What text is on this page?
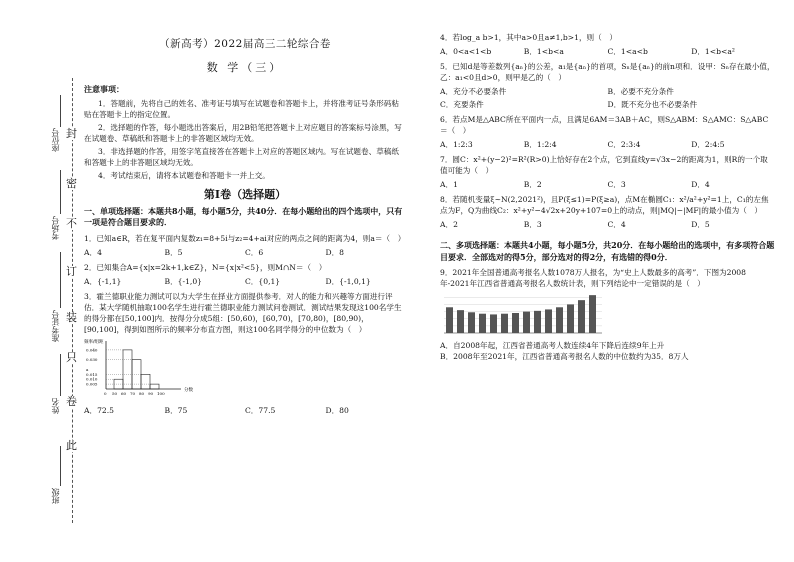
封
密
不
订
装
只
卷
此
座位号
考场号
准考证号
姓名
班级
（新高考）2022届高三二轮综合卷
数 学（三）
注意事项：

1．答题前，先将自己的姓名、准考证号填写在试题卷和答题卡上，并将准考证号条形码粘贴在答题卡上的指定位置。

2．选择题的作答，每小题选出答案后，用2B铅笔把答题卡上对应题目的答案标号涂黑，写在试题卷、草稿纸和答题卡上的非答题区域均无效。

3．非选择题的作答，用签字笔直接答在答题卡上对应的答题区域内。写在试题卷、草稿纸和答题卡上的非答题区域均无效。

4．考试结束后，请将本试题卷和答题卡一并上交。

第Ⅰ卷（选择题）
一、单项选择题：本题共8小题，每小题5分，共40分．在每小题给出的四个选项中，只有一项是符合题目要求的．
1．已知a∈R，若在复平面内复数z₁=8+5i与z₂=4+ai对应的两点之间的距离为4，则a＝（　）
A．4	B．5	C．6	D．8
2．已知集合A={x|x=2k+1,k∈Z}，N={x|x²<5}，则M∩N＝（　）
A．{-1,1}	B．{-1,0}	C．{0,1}	D．{-1,0,1}
3．霍兰德职业能力测试可以为大学生在择业方面提供参考．对人的能力和兴趣等方面进行评估．某大学随机抽取100名学生进行霍兰德职业能力测试问卷测试．测试结果发现这100名学生的得分都在[50,100]内．按得分分成5组：[50,60)，[60,70)，[70,80)，[80,90)，[90,100]，得到如图所示的频率分布直方图，则这100名同学得分的中位数为（　）
频率/组距
分数
0.040
0.030
0.015
0.010
0.005
a
0 50 60 70 80 90 100
A．72.5	B．75	C．77.5	D．80
4．若log_a b>1，其中a>0且a≠1,b>1，则（　）
A．0<a<1<b	B．1<b<a	C．1<a<b	D．1<b<a²
5．已知d是等差数列{aₙ}的公差，a₁是{aₙ}的首项，Sₙ是{aₙ}的前n项和．设甲：Sₙ存在最小值，乙：a₁<0且d>0，则甲是乙的（　）
A．充分不必要条件	B．必要不充分条件
C．充要条件	D．既不充分也不必要条件
6．若点M是△ABC所在平面内一点，且满足6AM＝3AB＋AC，则S△ABM：S△AMC：S△ABC＝（　）
A．1:2:3	B．1:2:4	C．2:3:4	D．2:4:5
7．圆C：x²+(y−2)²=R²(R>0)上恰好存在2个点，它到直线y=√3x−2的距离为1，则R的一个取值可能为（　）
A．1	B．2	C．3	D．4
8．若随机变量ξ~N(2,2021²)，且P(ξ≤1)=P(ξ≥a)，点M在椭圆C₁：x²/a²+y²=1上，C₁的左焦点为F，Q为曲线C₂：x²+y²−4√2x+20y+107=0上的动点，则|MQ|−|MF|的最小值为（　）
A．2	B．3	C．4	D．5
二、多项选择题：本题共4小题，每小题5分，共20分．在每小题给出的选项中，有多项符合题目要求．全部选对的得5分，部分选对的得2分，有选错的得0分．
9．2021年全国普通高考报名人数1078万人报名，为“史上人数最多的高考”．下图为2008年-2021年江西省普通高考报名人数统计表，则下列结论中一定错误的是（　）
A．自2008年起，江西省普通高考人数连续4年下降后连续9年上升
B．2008年至2021年，江西省普通高考报名人数的中位数约为35．8万人
